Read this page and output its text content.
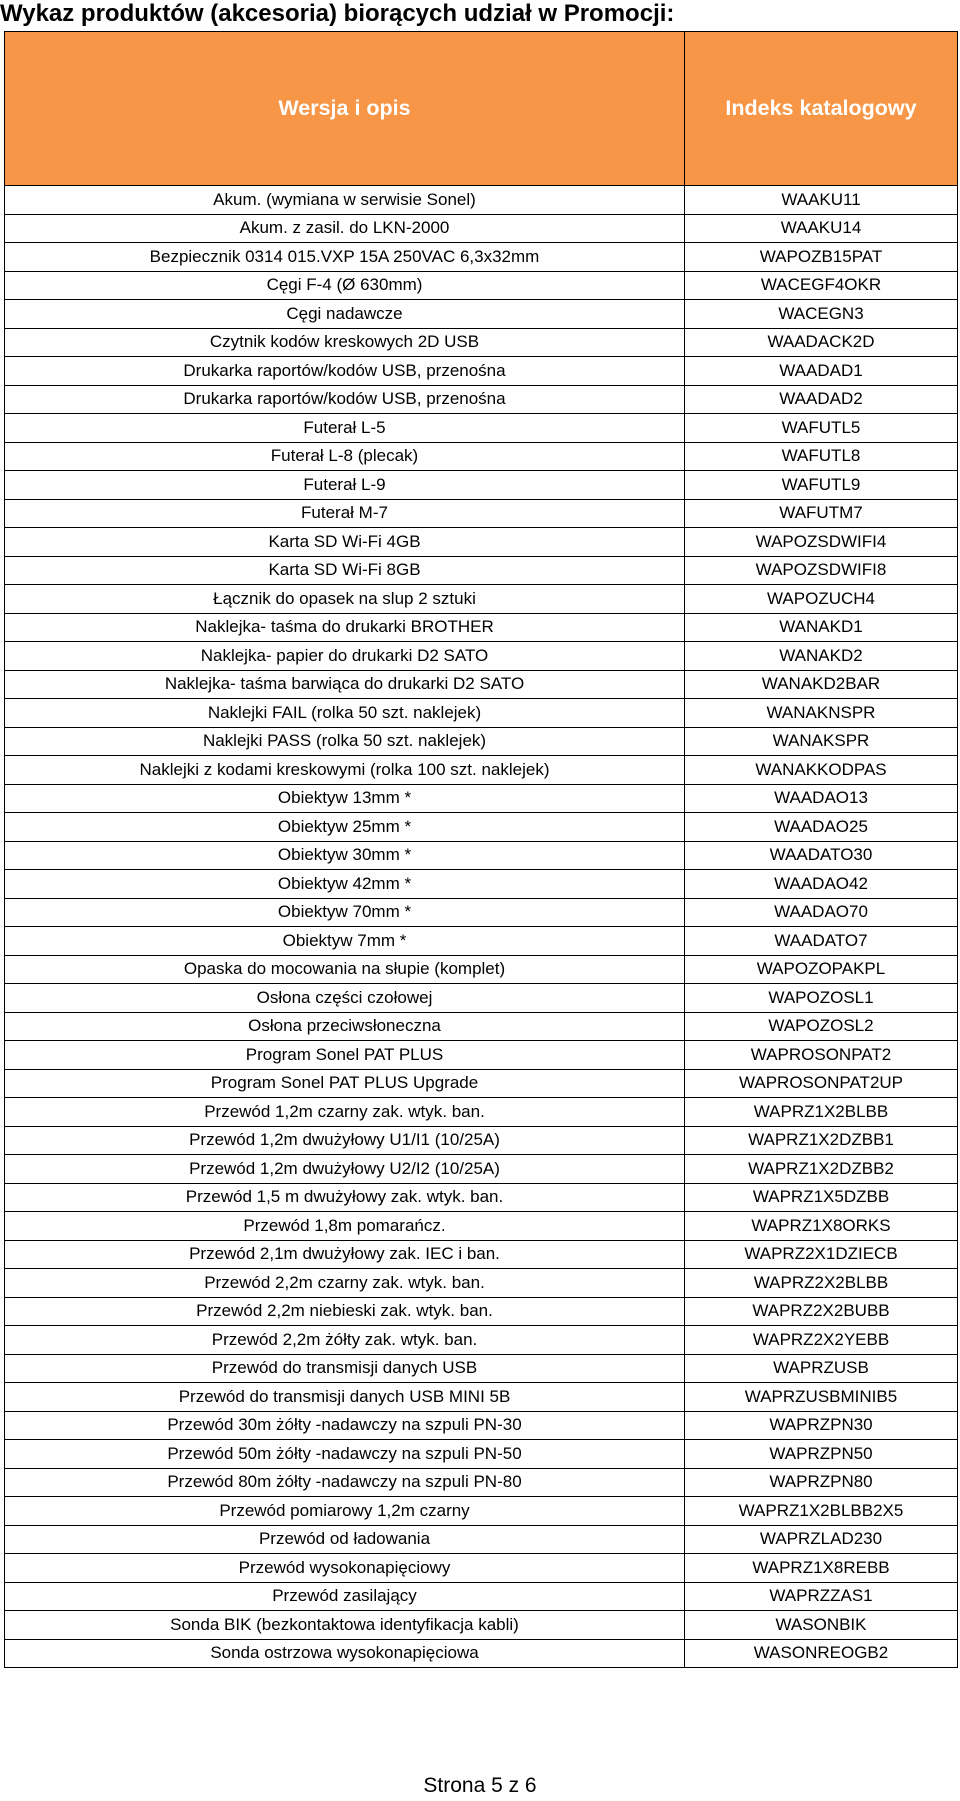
Wykaz produktów (akcesoria) biorących udział w Promocji:
Wersja i opis	Indeks katalogowy
Akum. (wymiana w serwisie Sonel)	WAAKU11
Akum. z zasil. do LKN-2000	WAAKU14
Bezpiecznik 0314 015.VXP 15A 250VAC 6,3x32mm	WAPOZB15PAT
Cęgi F-4 (Ø 630mm)	WACEGF4OKR
Cęgi nadawcze	WACEGN3
Czytnik kodów kreskowych 2D USB	WAADACK2D
Drukarka raportów/kodów USB, przenośna	WAADAD1
Drukarka raportów/kodów USB, przenośna	WAADAD2
Futerał L-5	WAFUTL5
Futerał L-8 (plecak)	WAFUTL8
Futerał L-9	WAFUTL9
Futerał M-7	WAFUTM7
Karta SD Wi-Fi 4GB	WAPOZSDWIFI4
Karta SD Wi-Fi 8GB	WAPOZSDWIFI8
Łącznik do opasek na slup 2 sztuki	WAPOZUCH4
Naklejka- taśma do drukarki BROTHER	WANAKD1
Naklejka- papier do drukarki D2 SATO	WANAKD2
Naklejka- taśma barwiąca do drukarki D2 SATO	WANAKD2BAR
Naklejki FAIL (rolka 50 szt. naklejek)	WANAKNSPR
Naklejki PASS (rolka 50 szt. naklejek)	WANAKSPR
Naklejki z kodami kreskowymi (rolka 100 szt. naklejek)	WANAKKODPAS
Obiektyw 13mm *	WAADAO13
Obiektyw 25mm *	WAADAO25
Obiektyw 30mm *	WAADATO30
Obiektyw 42mm *	WAADAO42
Obiektyw 70mm *	WAADAO70
Obiektyw 7mm *	WAADATO7
Opaska do mocowania na słupie (komplet)	WAPOZOPAKPL
Osłona części czołowej	WAPOZOSL1
Osłona przeciwsłoneczna	WAPOZOSL2
Program Sonel PAT PLUS	WAPROSONPAT2
Program Sonel PAT PLUS Upgrade	WAPROSONPAT2UP
Przewód 1,2m czarny zak. wtyk. ban.	WAPRZ1X2BLBB
Przewód 1,2m dwużyłowy U1/I1 (10/25A)	WAPRZ1X2DZBB1
Przewód 1,2m dwużyłowy U2/I2 (10/25A)	WAPRZ1X2DZBB2
Przewód 1,5 m dwużyłowy zak. wtyk. ban.	WAPRZ1X5DZBB
Przewód 1,8m pomarańcz.	WAPRZ1X8ORKS
Przewód 2,1m dwużyłowy zak. IEC i ban.	WAPRZ2X1DZIECB
Przewód 2,2m czarny zak. wtyk. ban.	WAPRZ2X2BLBB
Przewód 2,2m niebieski zak. wtyk. ban.	WAPRZ2X2BUBB
Przewód 2,2m żółty zak. wtyk. ban.	WAPRZ2X2YEBB
Przewód do transmisji danych USB	WAPRZUSB
Przewód do transmisji danych USB MINI 5B	WAPRZUSBMINIB5
Przewód 30m żółty -nadawczy na szpuli PN-30	WAPRZPN30
Przewód 50m żółty -nadawczy na szpuli PN-50	WAPRZPN50
Przewód 80m żółty -nadawczy na szpuli PN-80	WAPRZPN80
Przewód pomiarowy 1,2m czarny	WAPRZ1X2BLBB2X5
Przewód od ładowania	WAPRZLAD230
Przewód wysokonapięciowy	WAPRZ1X8REBB
Przewód zasilający	WAPRZZAS1
Sonda BIK (bezkontaktowa identyfikacja kabli)	WASONBIK
Sonda ostrzowa wysokonapięciowa	WASONREOGB2
Strona 5 z 6
